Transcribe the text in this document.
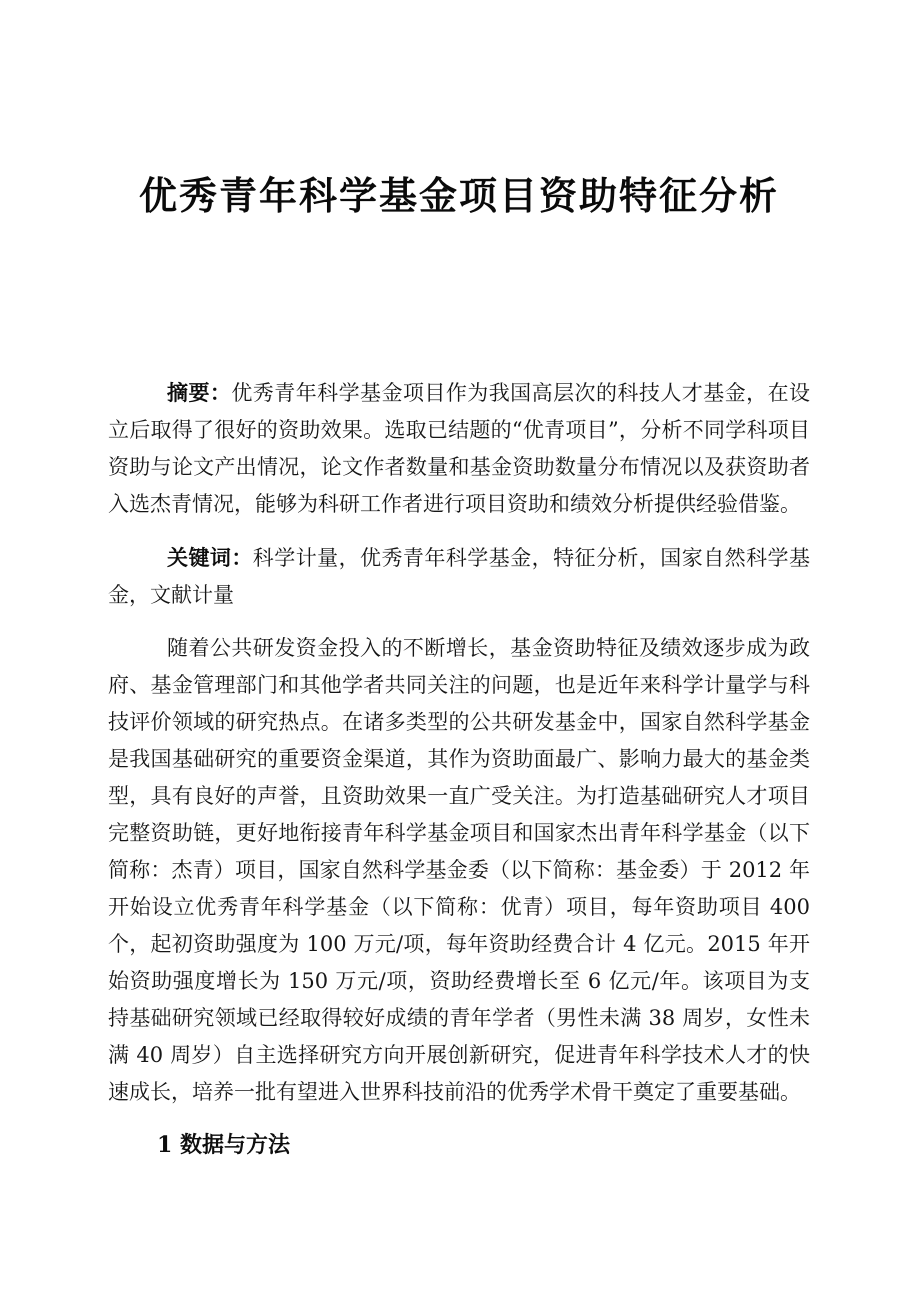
优秀青年科学基金项目资助特征分析

摘要：优秀青年科学基金项目作为我国高层次的科技人才基金，在设立后取得了很好的资助效果。选取已结题的“优青项目”，分析不同学科项目资助与论文产出情况，论文作者数量和基金资助数量分布情况以及获资助者入选杰青情况，能够为科研工作者进行项目资助和绩效分析提供经验借鉴。

关键词：科学计量，优秀青年科学基金，特征分析，国家自然科学基金，文献计量

随着公共研发资金投入的不断增长，基金资助特征及绩效逐步成为政府、基金管理部门和其他学者共同关注的问题，也是近年来科学计量学与科技评价领域的研究热点。在诸多类型的公共研发基金中，国家自然科学基金是我国基础研究的重要资金渠道，其作为资助面最广、影响力最大的基金类型，具有良好的声誉，且资助效果一直广受关注。为打造基础研究人才项目完整资助链，更好地衔接青年科学基金项目和国家杰出青年科学基金（以下简称：杰青）项目，国家自然科学基金委（以下简称：基金委）于 2012 年开始设立优秀青年科学基金（以下简称：优青）项目，每年资助项目 400 个，起初资助强度为 100 万元/项，每年资助经费合计 4 亿元。2015 年开始资助强度增长为 150 万元/项，资助经费增长至 6 亿元/年。该项目为支持基础研究领域已经取得较好成绩的青年学者（男性未满 38 周岁，女性未满 40 周岁）自主选择研究方向开展创新研究，促进青年科学技术人才的快速成长，培养一批有望进入世界科技前沿的优秀学术骨干奠定了重要基础。

1 数据与方法
